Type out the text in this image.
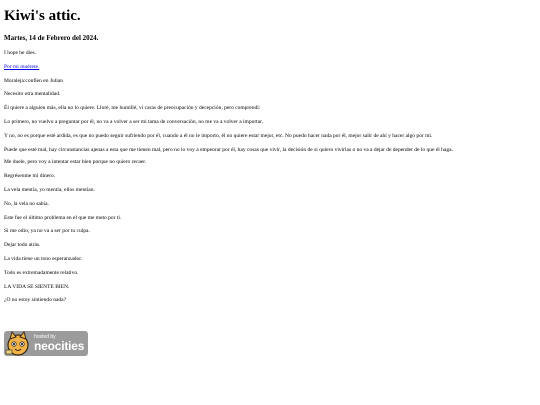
Kiwi's attic.
Martes, 14 de Febrero del 2024.

I hope he dies.

Por mi muérete.

Moraleja:confíen en Julian

Necesito otra mentalidad.

Él quiere a alguien más, ella no lo quiere. Lloré, me humillé, vi caras de preocupación y decepción, pero comprendí:

Lo primero, no vuelvo a preguntar por él, no va a volver a ser mi tama de conversación, no me va a volver a importar.

Y no, no es porque esté ardida, es que no puedo seguir sufriendo por él, cuando a él no le importo, él no quiere estar mejor, etc. No puedo hacer nada por él, mejor salir de ahí y hacer algo por mí.

Puede que esté mal, hay circunstancias ajenas a esta que me tienen mal, pero no lo voy a empeorar por él, hay cosas que vivir, la decisión de si quiero vivirlas o no va a dejar de depender de lo que él haga.

Me duele, pero voy a intentar estar bien porque no quiero recaer.

Regrésenme mi dinero.

La vela mentía, yo mentía, ellos mentían.

No, la vela no sabía.

Este fue el último problema en el que me meto por ti.

Si me odio, ya no va a ser por tu culpa.

Dejar todo atrás.

La vida tiene un tono esperanzador.

Todo es extremadamente relativo.

LA VIDA SE SIENTE BIEN.

¿O no estoy sintiendo nada?

hosted by
neocities
